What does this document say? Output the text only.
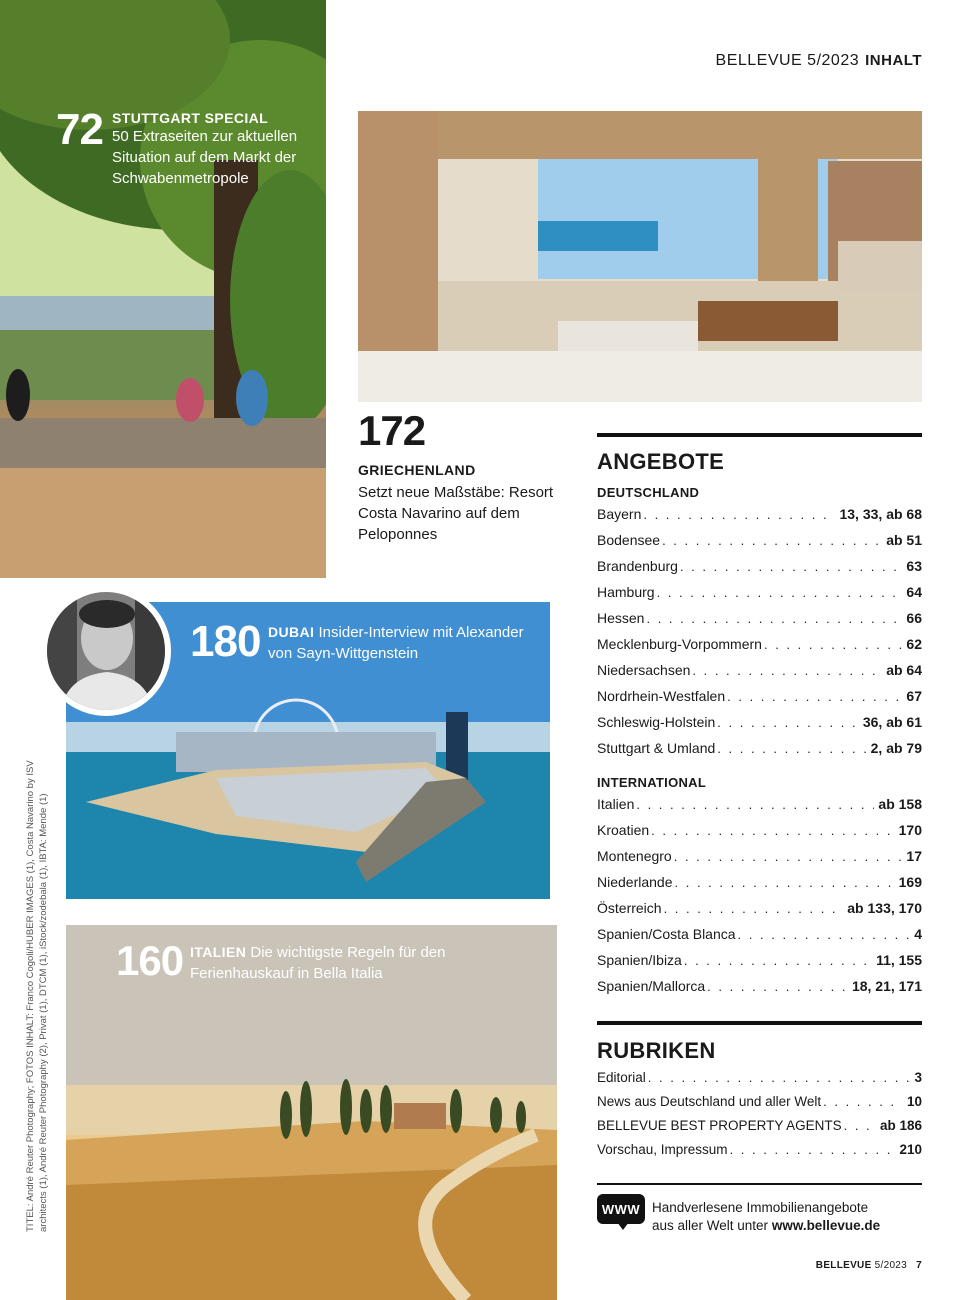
BELLEVUE 5/2023 INHALT
72 STUTTGART SPECIAL
50 Extraseiten zur aktuellen Situation auf dem Markt der Schwabenmetropole
172
GRIECHENLAND
Setzt neue Maßstäbe: Resort Costa Navarino auf dem Peloponnes
180 DUBAI Insider-Interview mit Alexander von Sayn-Wittgenstein
160 ITALIEN Die wichtigste Regeln für den Ferienhauskauf in Bella Italia
TITEL: André Reuter Photography; FOTOS INHALT: Franco Cogoli/HUBER IMAGES (1), Costa Navarino by ISV architects (1), André Reuter Photography (2), Privat (1), DTCM (1), iStock/zodebala (1), IBTA: Mende (1)
ANGEBOTE
DEUTSCHLAND
Bayern . . .	13, 33, ab 68
Bodensee . . .	ab 51
Brandenburg . . .	63
Hamburg . . .	64
Hessen . . .	66
Mecklenburg-Vorpommern . . .	62
Niedersachsen . . .	ab 64
Nordrhein-Westfalen . . .	67
Schleswig-Holstein . . .	36, ab 61
Stuttgart & Umland . . .	2, ab 79
INTERNATIONAL
Italien . . .	ab 158
Kroatien . . .	170
Montenegro . . .	17
Niederlande . . .	169
Österreich . . .	ab 133, 170
Spanien/Costa Blanca . . .	4
Spanien/Ibiza . . .	11, 155
Spanien/Mallorca . . .	18, 21, 171
RUBRIKEN
Editorial . . .	3
News aus Deutschland und aller Welt . . .	10
BELLEVUE BEST PROPERTY AGENTS . . .	ab 186
Vorschau, Impressum . . .	210
WWW Handverlesene Immobilienangebote
aus aller Welt unter www.bellevue.de
BELLEVUE 5/2023 7
